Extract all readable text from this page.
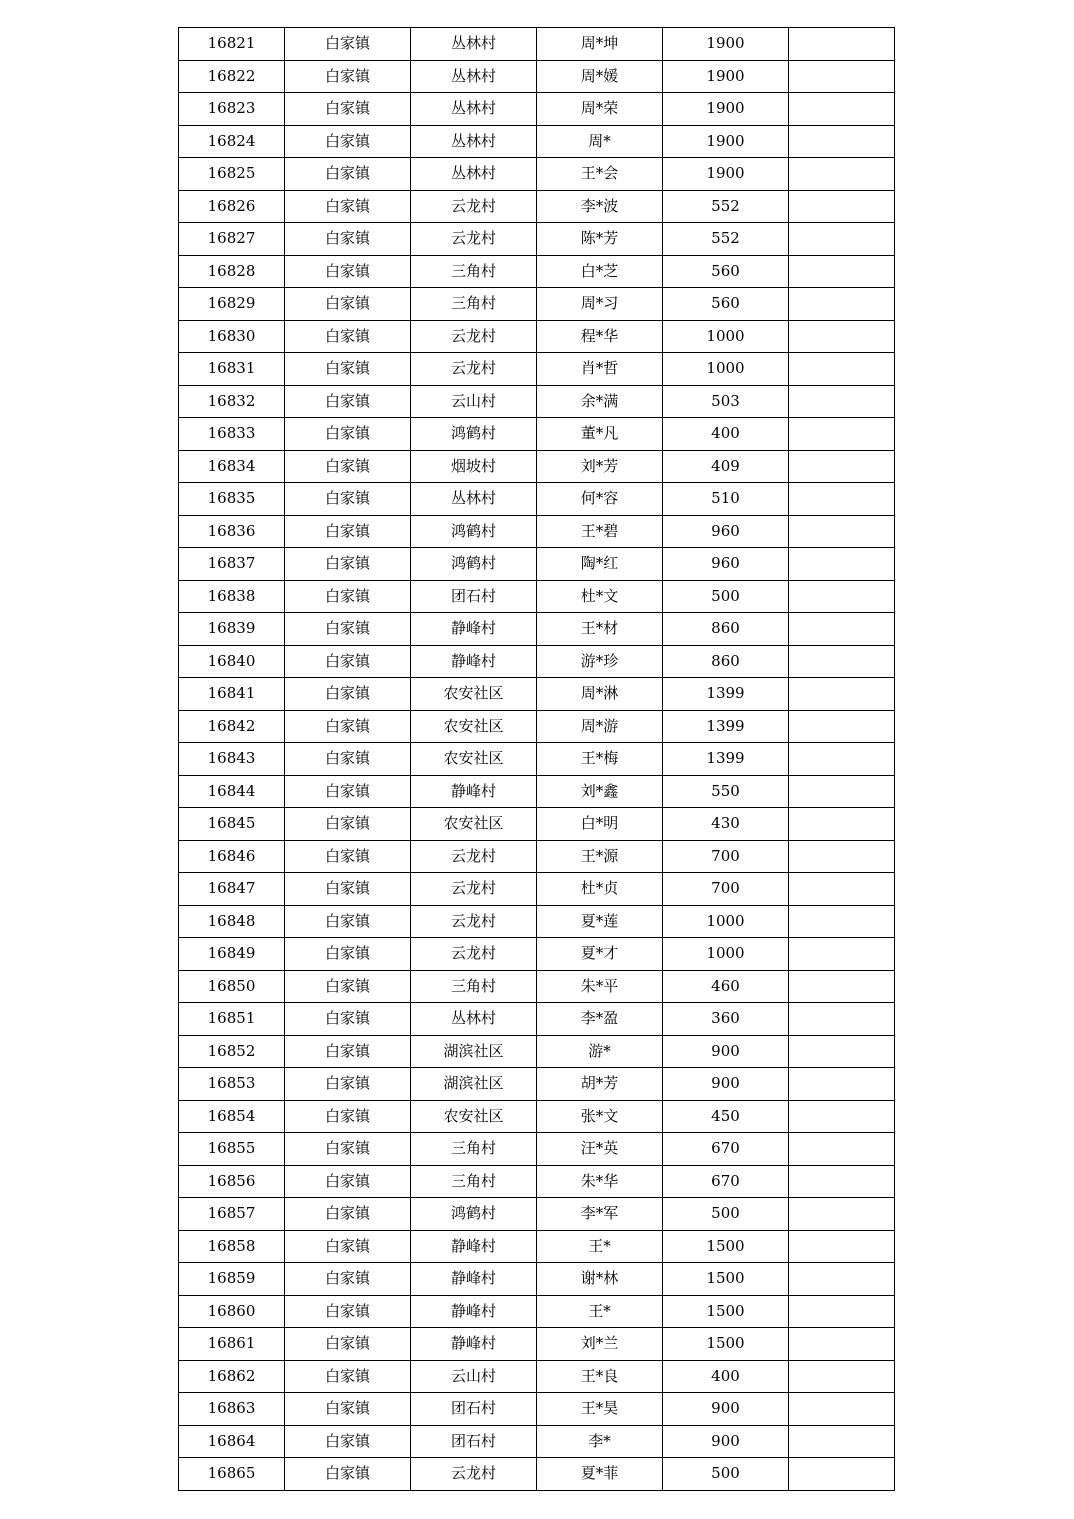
16821	白家镇	丛林村	周*坤	1900	
16822	白家镇	丛林村	周*媛	1900	
16823	白家镇	丛林村	周*荣	1900	
16824	白家镇	丛林村	周*	1900	
16825	白家镇	丛林村	王*会	1900	
16826	白家镇	云龙村	李*波	552	
16827	白家镇	云龙村	陈*芳	552	
16828	白家镇	三角村	白*芝	560	
16829	白家镇	三角村	周*习	560	
16830	白家镇	云龙村	程*华	1000	
16831	白家镇	云龙村	肖*哲	1000	
16832	白家镇	云山村	余*满	503	
16833	白家镇	鸿鹤村	董*凡	400	
16834	白家镇	烟坡村	刘*芳	409	
16835	白家镇	丛林村	何*容	510	
16836	白家镇	鸿鹤村	王*碧	960	
16837	白家镇	鸿鹤村	陶*红	960	
16838	白家镇	团石村	杜*文	500	
16839	白家镇	静峰村	王*材	860	
16840	白家镇	静峰村	游*珍	860	
16841	白家镇	农安社区	周*淋	1399	
16842	白家镇	农安社区	周*游	1399	
16843	白家镇	农安社区	王*梅	1399	
16844	白家镇	静峰村	刘*鑫	550	
16845	白家镇	农安社区	白*明	430	
16846	白家镇	云龙村	王*源	700	
16847	白家镇	云龙村	杜*贞	700	
16848	白家镇	云龙村	夏*莲	1000	
16849	白家镇	云龙村	夏*才	1000	
16850	白家镇	三角村	朱*平	460	
16851	白家镇	丛林村	李*盈	360	
16852	白家镇	湖滨社区	游*	900	
16853	白家镇	湖滨社区	胡*芳	900	
16854	白家镇	农安社区	张*文	450	
16855	白家镇	三角村	汪*英	670	
16856	白家镇	三角村	朱*华	670	
16857	白家镇	鸿鹤村	李*军	500	
16858	白家镇	静峰村	王*	1500	
16859	白家镇	静峰村	谢*林	1500	
16860	白家镇	静峰村	王*	1500	
16861	白家镇	静峰村	刘*兰	1500	
16862	白家镇	云山村	王*良	400	
16863	白家镇	团石村	王*昊	900	
16864	白家镇	团石村	李*	900	
16865	白家镇	云龙村	夏*菲	500	
